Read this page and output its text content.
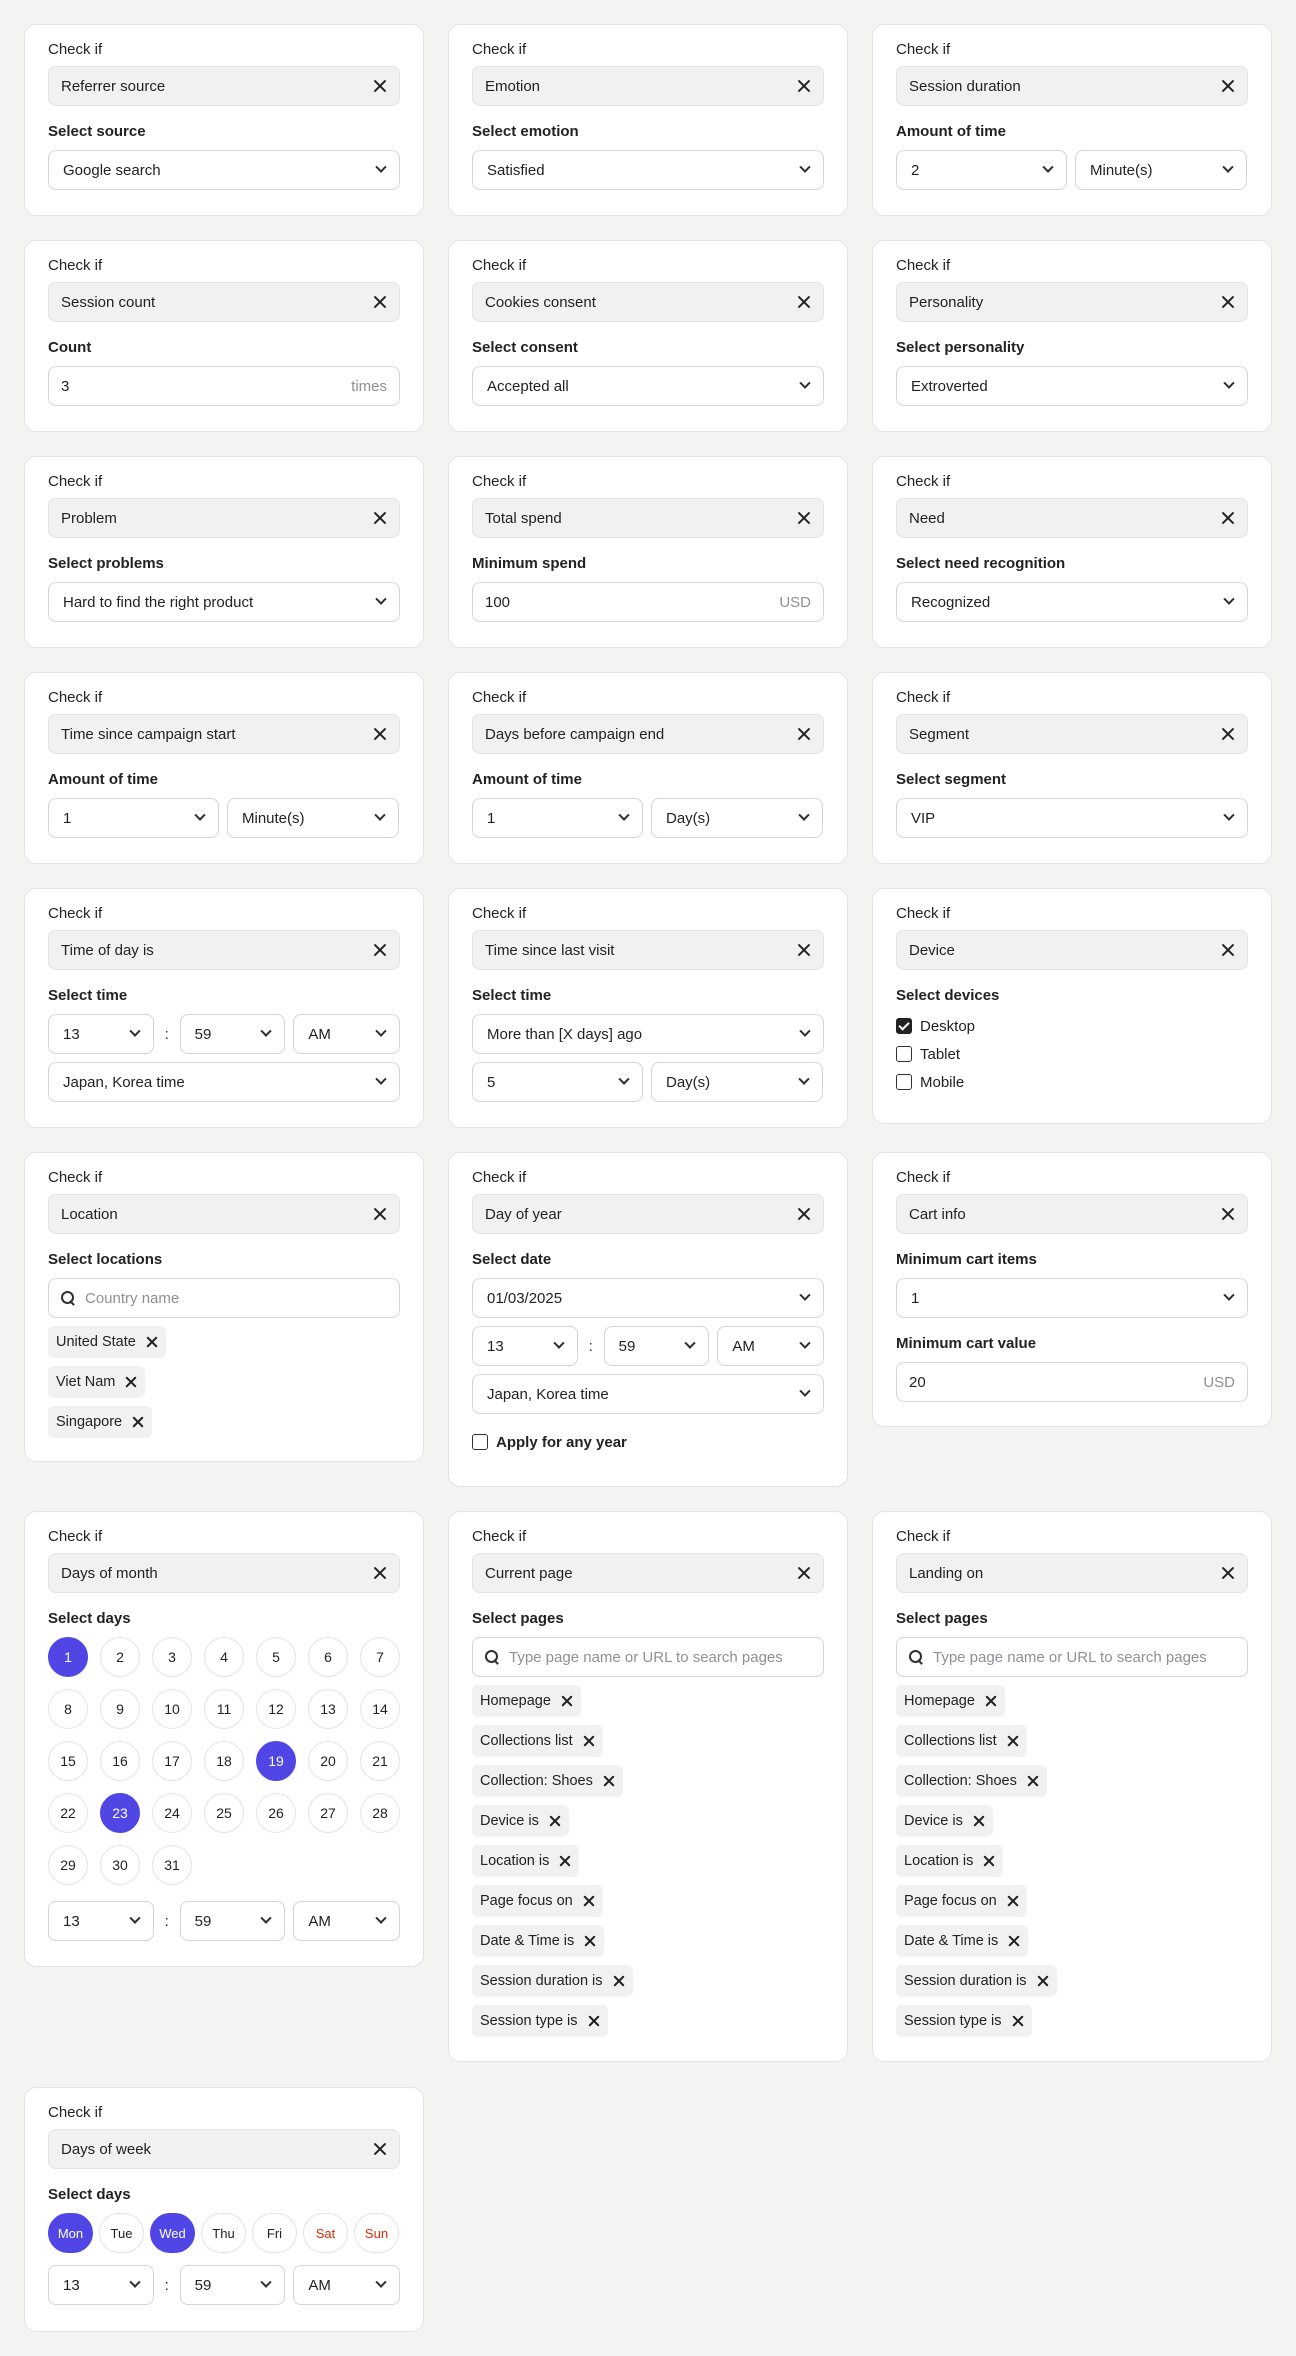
Check if
Referrer source
Select source
Google search
Check if
Emotion
Select emotion
Satisfied
Check if
Session duration
Amount of time
2	Minute(s)
Check if
Session count
Count
3	times
Check if
Cookies consent
Select consent
Accepted all
Check if
Personality
Select personality
Extroverted
Check if
Problem
Select problems
Hard to find the right product
Check if
Total spend
Minimum spend
100	USD
Check if
Need
Select need recognition
Recognized
Check if
Time since campaign start
Amount of time
1	Minute(s)
Check if
Days before campaign end
Amount of time
1	Day(s)
Check if
Segment
Select segment
VIP
Check if
Time of day is
Select time
13	: 59	AM
Japan, Korea time
Check if
Time since last visit
Select time
More than [X days] ago
5	Day(s)
Check if
Device
Select devices
Desktop
Tablet
Mobile
Check if
Location
Select locations
Country name
United State
Viet Nam
Singapore
Check if
Day of year
Select date
01/03/2025
13	: 59	AM
Japan, Korea time
Apply for any year
Check if
Cart info
Minimum cart items
1
Minimum cart value
20	USD
Check if
Days of month
Select days
1	2	3	4	5	6	7
8	9	10	11	12	13	14
15	16	17	18	19	20	21
22	23	24	25	26	27	28
29	30	31
13	: 59	AM
Check if
Current page
Select pages
Type page name or URL to search pages
Homepage
Collections list
Collection: Shoes
Device is
Location is
Page focus on
Date & Time is
Session duration is
Session type is
Check if
Landing on
Select pages
Type page name or URL to search pages
Homepage
Collections list
Collection: Shoes
Device is
Location is
Page focus on
Date & Time is
Session duration is
Session type is
Check if
Days of week
Select days
Mon	Tue	Wed	Thu	Fri	Sat	Sun
13	: 59	AM
